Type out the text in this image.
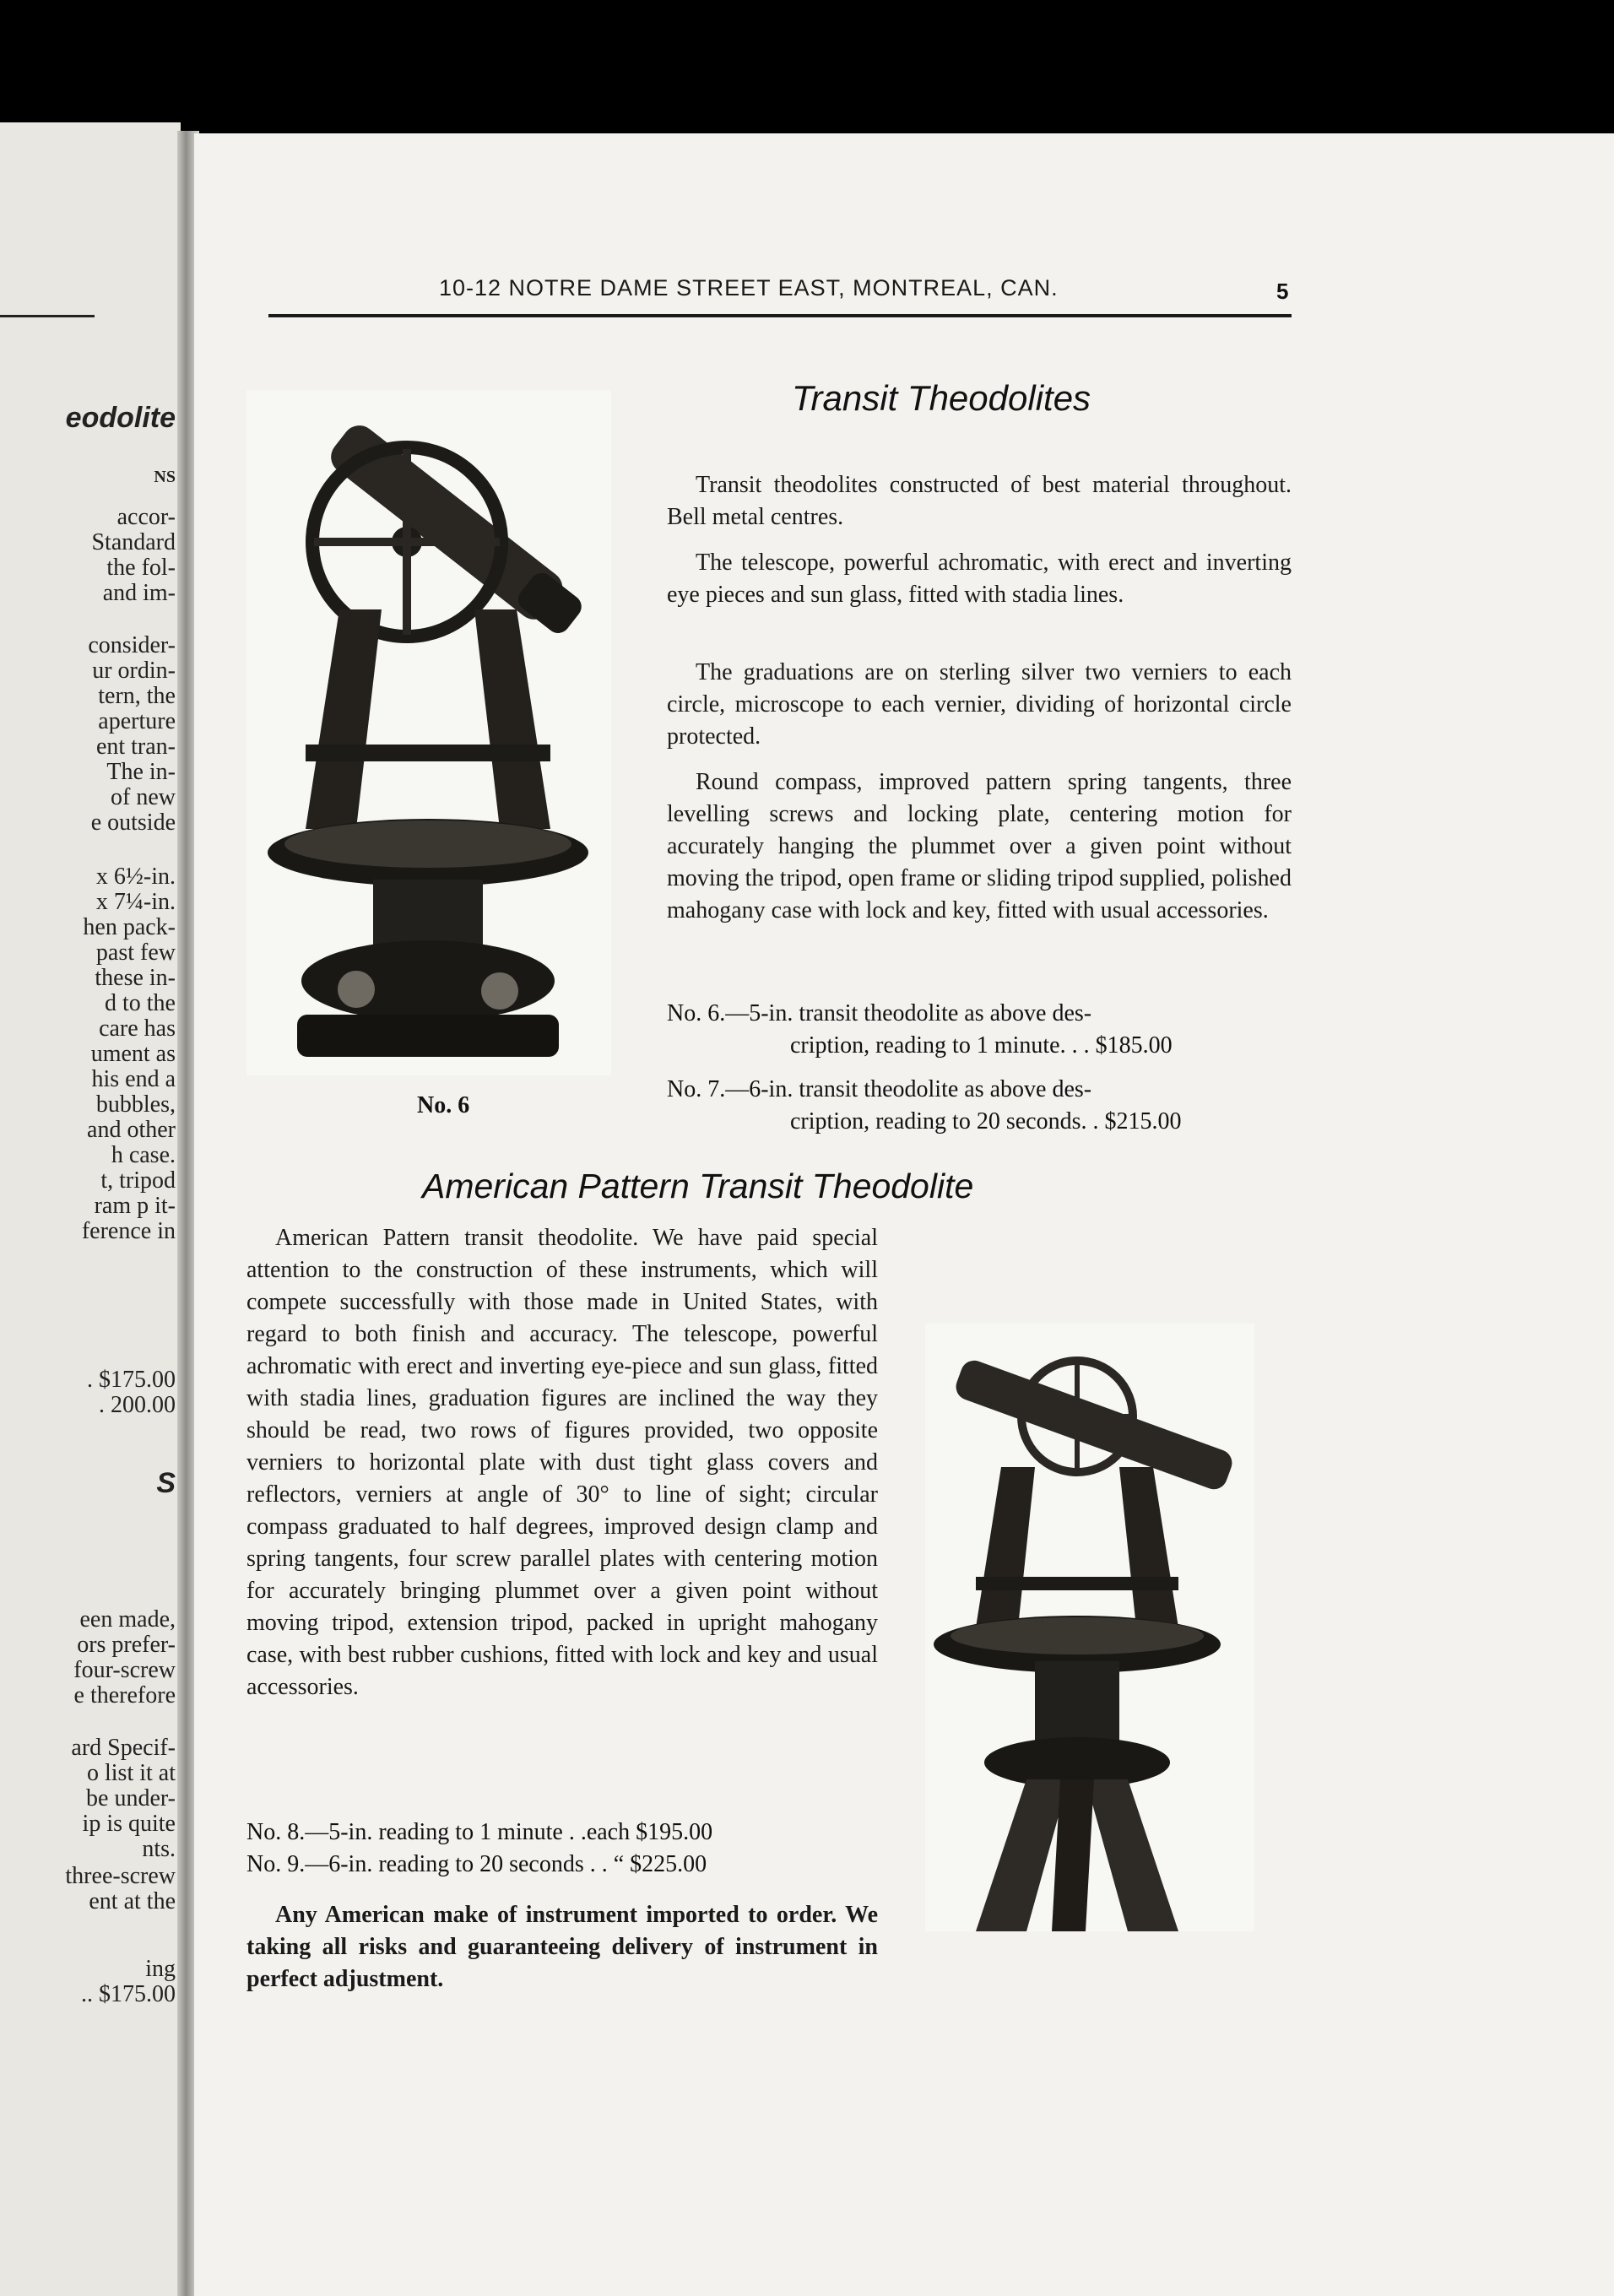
eodolite
NS
accor-
Standard
the fol-
and im-
consider-
ur ordin-
tern, the
aperture
ent tran-
The in-
of new
e outside
x 6½-in.
x 7¼-in.
hen pack-
past few
these in-
d to the
care has
ument as
his end a
bubbles,
and other
h case.
t, tripod
ram p it-
ference in
. $175.00
. 200.00
S
een made,
ors prefer-
four-screw
e therefore
ard Specif-
o list it at
be under-
ip is quite
nts.
three-screw
ent at the
ing
.. $175.00
10-12 NOTRE DAME STREET EAST, MONTREAL, CAN.	5
Transit Theodolites
No. 6

Transit theodolites constructed of best material throughout. Bell metal centres.

The telescope, powerful achromatic, with erect and inverting eye pieces and sun glass, fitted with stadia lines.

The graduations are on sterling silver two verniers to each circle, microscope to each vernier, dividing of horizontal circle protected.

Round compass, improved pattern spring tangents, three levelling screws and locking plate, centering motion for accurately hanging the plummet over a given point without moving the tripod, open frame or sliding tripod supplied, polished mahogany case with lock and key, fitted with usual accessories.

No. 6.—5-in. transit theodolite as above des-
cription, reading to 1 minute. . . $185.00
No. 7.—6-in. transit theodolite as above des-
cription, reading to 20 seconds. . $215.00
American Pattern Transit Theodolite

American Pattern transit theodolite. We have paid special attention to the construction of these instruments, which will compete successfully with those made in United States, with regard to both finish and accuracy. The telescope, powerful achromatic with erect and inverting eye-piece and sun glass, fitted with stadia lines, graduation figures are inclined the way they should be read, two rows of figures provided, two opposite verniers to horizontal plate with dust tight glass covers and reflectors, verniers at angle of 30° to line of sight; circular compass graduated to half degrees, improved design clamp and spring tangents, four screw parallel plates with centering motion for accurately bringing plummet over a given point without moving tripod, extension tripod, packed in upright mahogany case, with best rubber cushions, fitted with lock and key and usual accessories.

No. 8.—5-in. reading to 1 minute . .each $195.00
No. 9.—6-in. reading to 20 seconds . . “ $225.00

Any American make of instrument imported to order. We taking all risks and guaranteeing delivery of instrument in perfect adjustment.
